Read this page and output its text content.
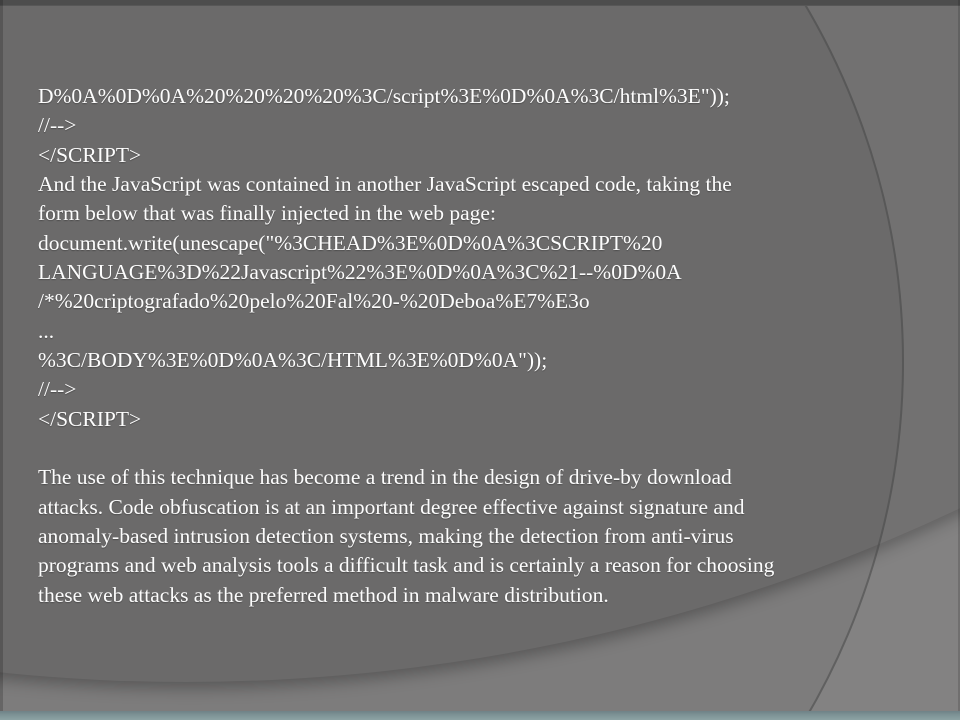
D%0A%0D%0A%20%20%20%20%3C/script%3E%0D%0A%3C/html%3E"));
//-->
</SCRIPT>
And the JavaScript was contained in another JavaScript escaped code, taking the
form below that was finally injected in the web page:
document.write(unescape("%3CHEAD%3E%0D%0A%3CSCRIPT%20
LANGUAGE%3D%22Javascript%22%3E%0D%0A%3C%21--%0D%0A
/*%20criptografado%20pelo%20Fal%20-%20Deboa%E7%E3o
...
%3C/BODY%3E%0D%0A%3C/HTML%3E%0D%0A"));
//-->
</SCRIPT>
The use of this technique has become a trend in the design of drive-by download
attacks. Code obfuscation is at an important degree effective against signature and
anomaly-based intrusion detection systems, making the detection from anti-virus
programs and web analysis tools a difficult task and is certainly a reason for choosing
these web attacks as the preferred method in malware distribution.
